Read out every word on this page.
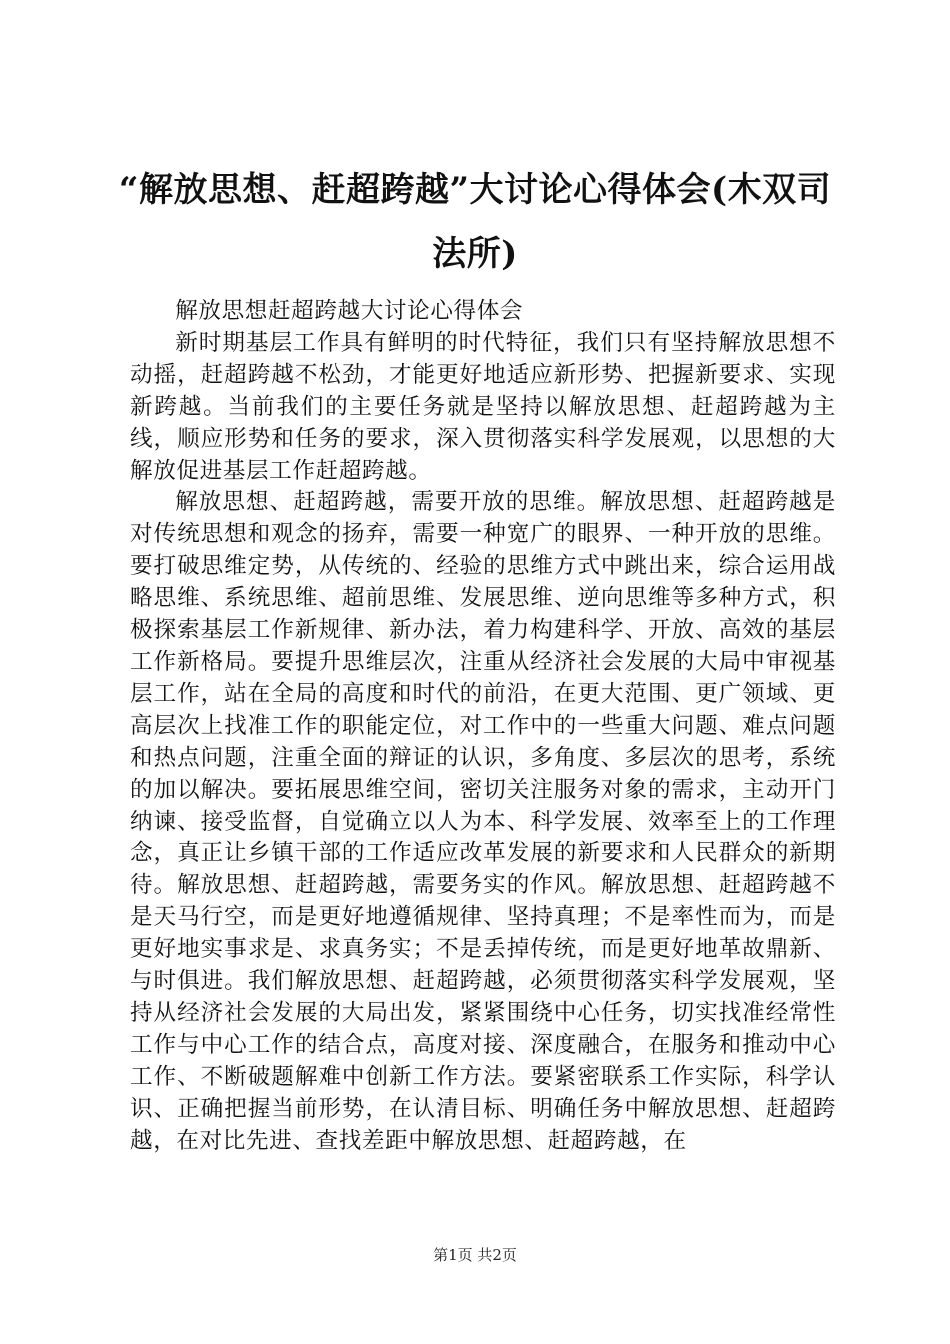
“解放思想、赶超跨越”大讨论心得体会(木双司法所)

解放思想赶超跨越大讨论心得体会

新时期基层工作具有鲜明的时代特征，我们只有坚持解放思想不动摇，赶超跨越不松劲，才能更好地适应新形势、把握新要求、实现新跨越。当前我们的主要任务就是坚持以解放思想、赶超跨越为主线，顺应形势和任务的要求，深入贯彻落实科学发展观，以思想的大解放促进基层工作赶超跨越。

解放思想、赶超跨越，需要开放的思维。解放思想、赶超跨越是对传统思想和观念的扬弃，需要一种宽广的眼界、一种开放的思维。要打破思维定势，从传统的、经验的思维方式中跳出来，综合运用战略思维、系统思维、超前思维、发展思维、逆向思维等多种方式，积极探索基层工作新规律、新办法，着力构建科学、开放、高效的基层工作新格局。要提升思维层次，注重从经济社会发展的大局中审视基层工作，站在全局的高度和时代的前沿，在更大范围、更广领域、更高层次上找准工作的职能定位，对工作中的一些重大问题、难点问题和热点问题，注重全面的辩证的认识，多角度、多层次的思考，系统的加以解决。要拓展思维空间，密切关注服务对象的需求，主动开门纳谏、接受监督，自觉确立以人为本、科学发展、效率至上的工作理念，真正让乡镇干部的工作适应改革发展的新要求和人民群众的新期待。解放思想、赶超跨越，需要务实的作风。解放思想、赶超跨越不是天马行空，而是更好地遵循规律、坚持真理；不是率性而为，而是更好地实事求是、求真务实；不是丢掉传统，而是更好地革故鼎新、与时俱进。我们解放思想、赶超跨越，必须贯彻落实科学发展观，坚持从经济社会发展的大局出发，紧紧围绕中心任务，切实找准经常性工作与中心工作的结合点，高度对接、深度融合，在服务和推动中心工作、不断破题解难中创新工作方法。要紧密联系工作实际，科学认识、正确把握当前形势，在认清目标、明确任务中解放思想、赶超跨越，在对比先进、查找差距中解放思想、赶超跨越，在

第1页 共2页
